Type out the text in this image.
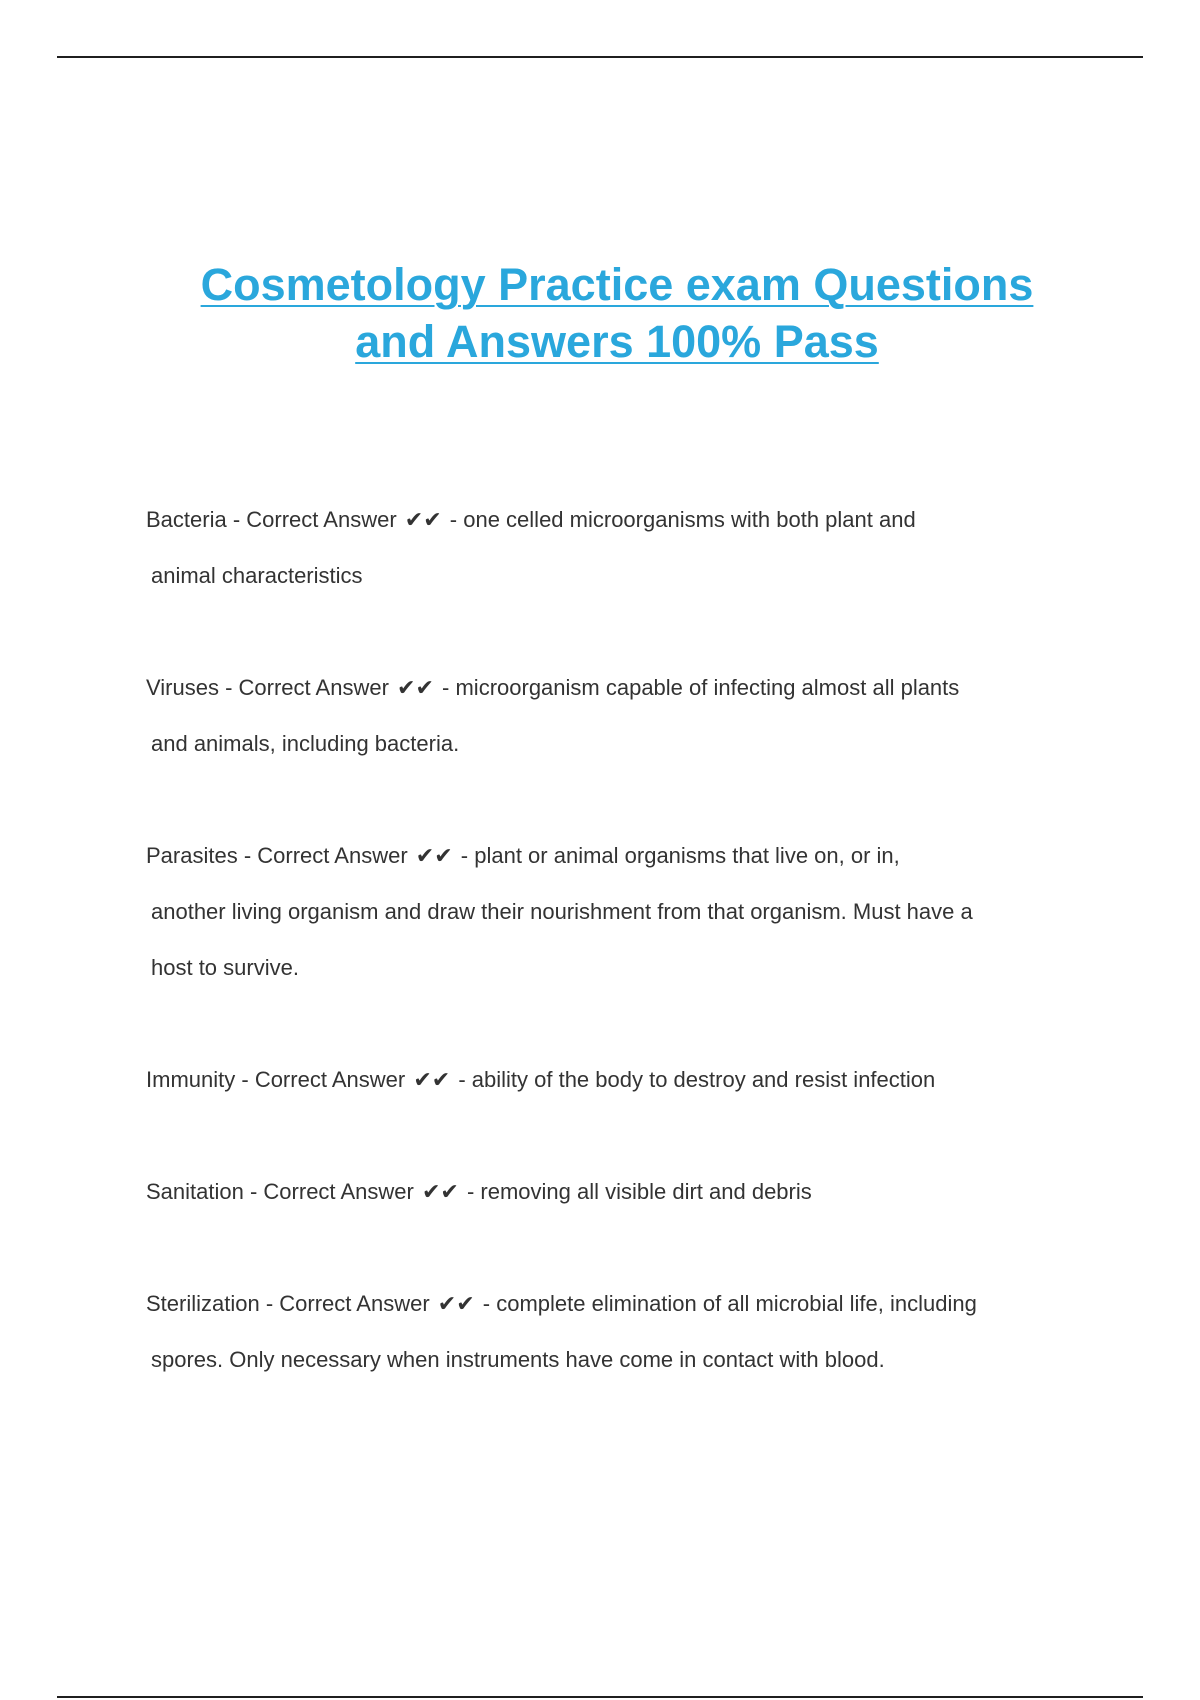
Cosmetology Practice exam Questions
and Answers 100% Pass
Bacteria - Correct Answer ✔✔ - one celled microorganisms with both plant and
animal characteristics
Viruses - Correct Answer ✔✔ - microorganism capable of infecting almost all plants
and animals, including bacteria.
Parasites - Correct Answer ✔✔ - plant or animal organisms that live on, or in,
another living organism and draw their nourishment from that organism. Must have a
host to survive.
Immunity - Correct Answer ✔✔ - ability of the body to destroy and resist infection
Sanitation - Correct Answer ✔✔ - removing all visible dirt and debris
Sterilization - Correct Answer ✔✔ - complete elimination of all microbial life, including
spores. Only necessary when instruments have come in contact with blood.
